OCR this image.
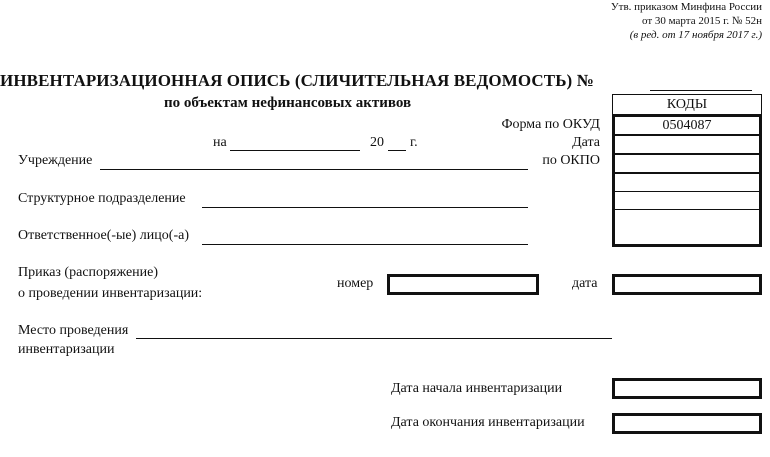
Утв. приказом Минфина России
от 30 марта 2015 г. № 52н
(в ред. от 17 ноября 2017 г.)
ИНВЕНТАРИЗАЦИОННАЯ ОПИСЬ (СЛИЧИТЕЛЬНАЯ ВЕДОМОСТЬ) №
по объектам нефинансовых активов
на	20 г.
Форма по ОКУД
Дата
по ОКПО
КОДЫ
0504087
Учреждение
Структурное подразделение
Ответственное(-ые) лицо(-а)
Приказ (распоряжение)
о проведении инвентаризации:
номер	дата
Место проведения
инвентаризации
Дата начала инвентаризации
Дата окончания инвентаризации
